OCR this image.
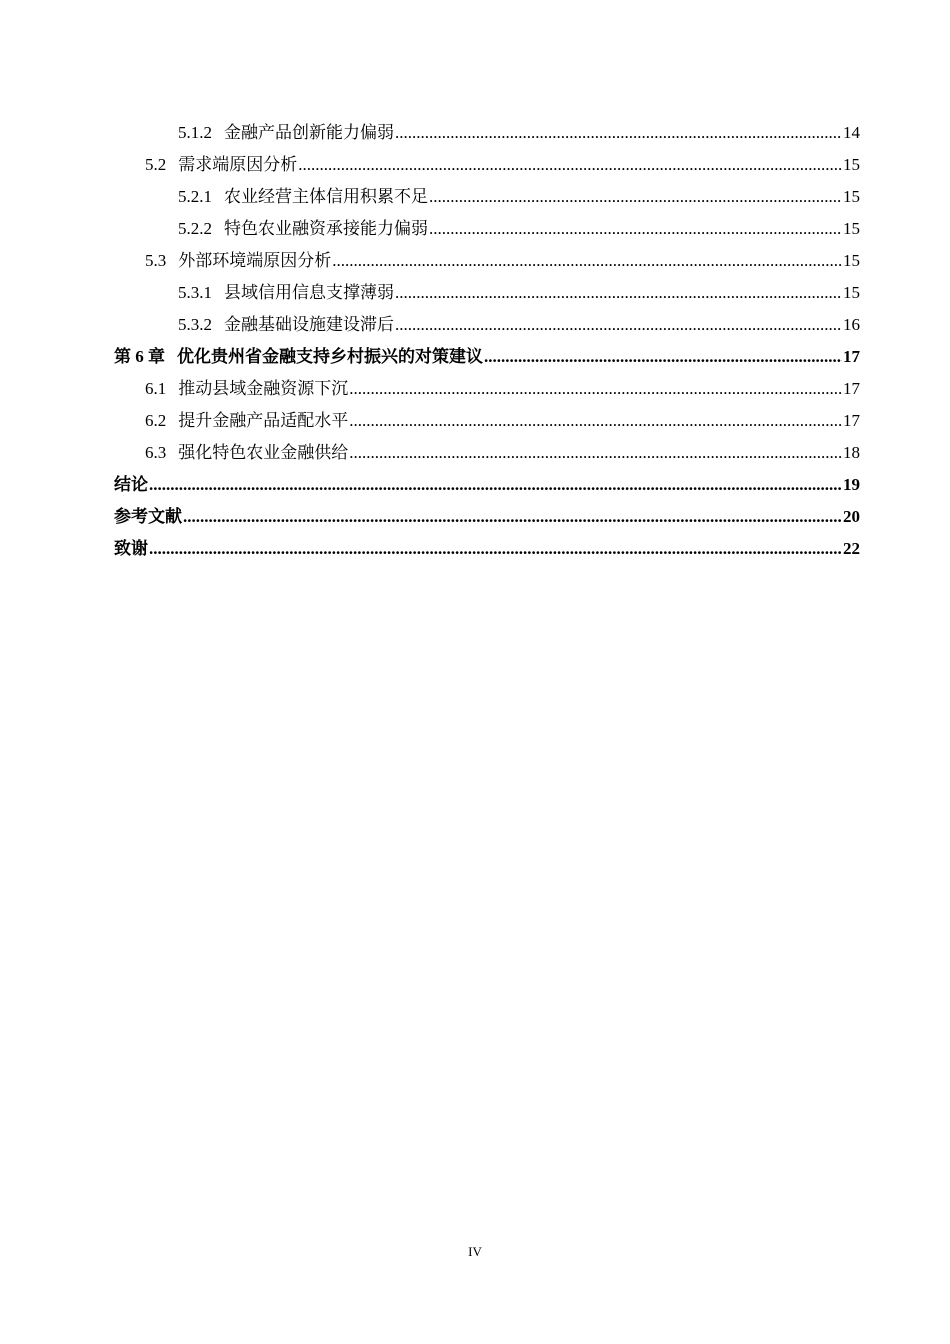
5.1.2 金融产品创新能力偏弱 .....	14
5.2 需求端原因分析 .....	15
5.2.1 农业经营主体信用积累不足 .....	15
5.2.2 特色农业融资承接能力偏弱 .....	15
5.3 外部环境端原因分析 .....	15
5.3.1 县域信用信息支撑薄弱 .....	15
5.3.2 金融基础设施建设滞后 .....	16
第 6 章 优化贵州省金融支持乡村振兴的对策建议 .....	17
6.1 推动县域金融资源下沉 .....	17
6.2 提升金融产品适配水平 .....	17
6.3 强化特色农业金融供给 .....	18
结论 .....	19
参考文献 .....	20
致谢 .....	22
IV
